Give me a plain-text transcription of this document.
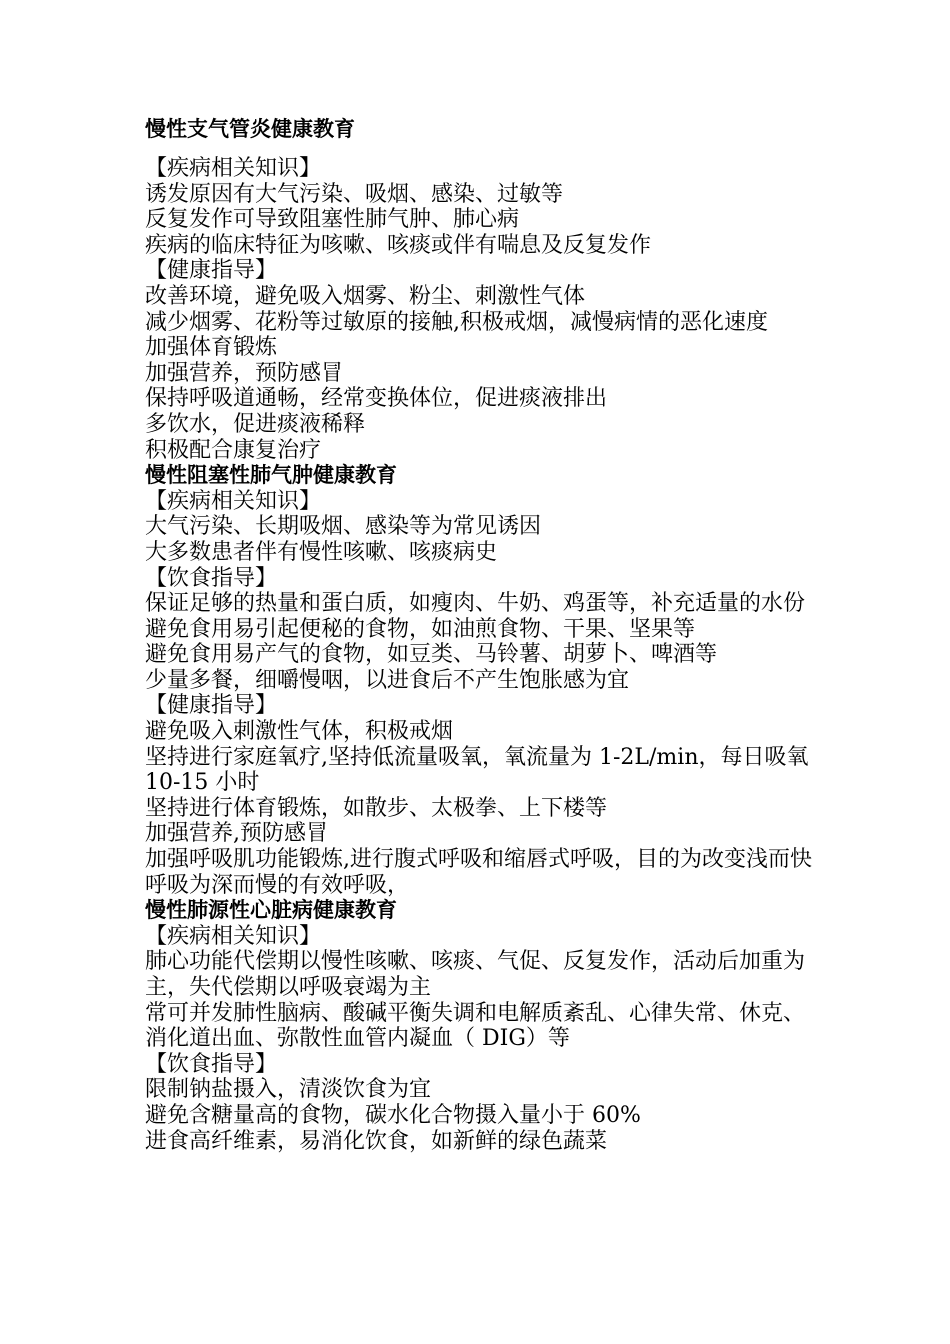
慢性支气管炎健康教育
【疾病相关知识】
诱发原因有大气污染、吸烟、感染、过敏等
反复发作可导致阻塞性肺气肿、肺心病
疾病的临床特征为咳嗽、咳痰或伴有喘息及反复发作
【健康指导】
改善环境，避免吸入烟雾、粉尘、刺激性气体
减少烟雾、花粉等过敏原的接触,积极戒烟，减慢病情的恶化速度
加强体育锻炼
加强营养，预防感冒
保持呼吸道通畅，经常变换体位，促进痰液排出
多饮水，促进痰液稀释
积极配合康复治疗
慢性阻塞性肺气肿健康教育
【疾病相关知识】
大气污染、长期吸烟、感染等为常见诱因
大多数患者伴有慢性咳嗽、咳痰病史
【饮食指导】
保证足够的热量和蛋白质，如瘦肉、牛奶、鸡蛋等，补充适量的水份
避免食用易引起便秘的食物，如油煎食物、干果、坚果等
避免食用易产气的食物，如豆类、马铃薯、胡萝卜、啤酒等
少量多餐，细嚼慢咽，以进食后不产生饱胀感为宜
【健康指导】
避免吸入刺激性气体，积极戒烟
坚持进行家庭氧疗,坚持低流量吸氧，氧流量为 1-2L/min，每日吸氧 10-15 小时
坚持进行体育锻炼，如散步、太极拳、上下楼等
加强营养,预防感冒
加强呼吸肌功能锻炼,进行腹式呼吸和缩唇式呼吸，目的为改变浅而快呼吸为深而慢的有效呼吸，
慢性肺源性心脏病健康教育
【疾病相关知识】
肺心功能代偿期以慢性咳嗽、咳痰、气促、反复发作，活动后加重为主，失代偿期以呼吸衰竭为主
常可并发肺性脑病、酸碱平衡失调和电解质紊乱、心律失常、休克、消化道出血、弥散性血管内凝血（ DIG）等
【饮食指导】
限制钠盐摄入，清淡饮食为宜
避免含糖量高的食物，碳水化合物摄入量小于 60%
进食高纤维素，易消化饮食，如新鲜的绿色蔬菜
